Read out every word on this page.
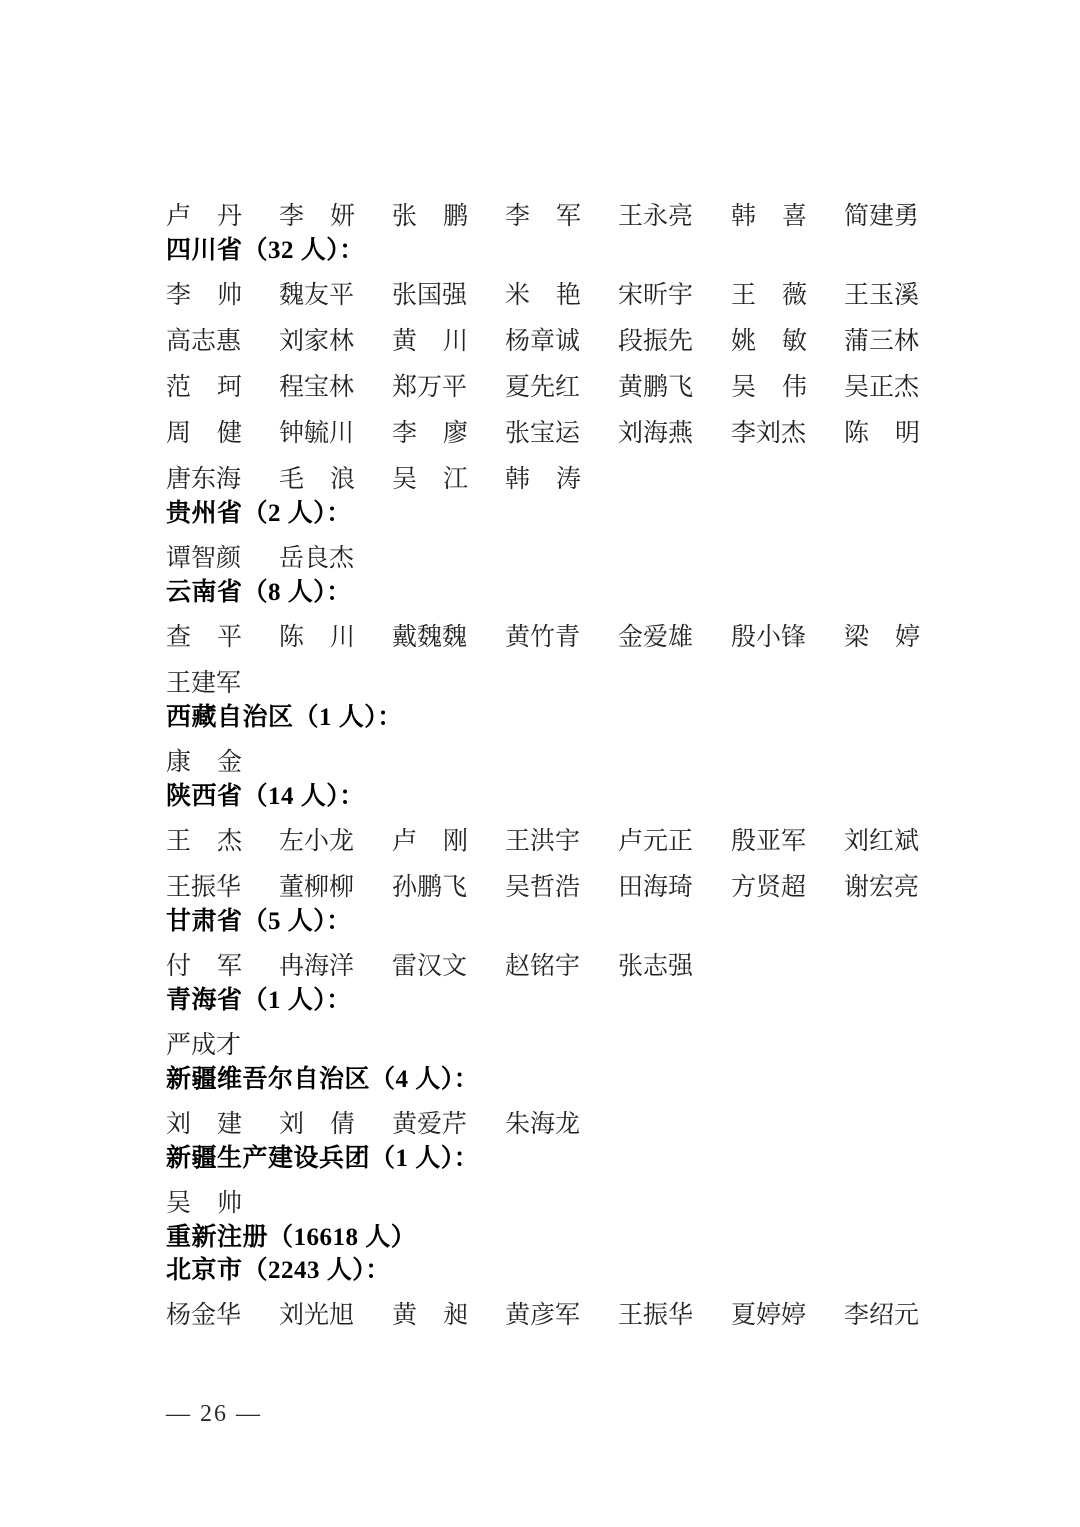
卢丹 李妍 张鹏 李军 王永亮 韩喜 简建勇
四川省（32 人）：
李帅 魏友平 张国强 米艳 宋昕宇 王薇 王玉溪
高志惠 刘家林 黄川 杨章诚 段振先 姚敏 蒲三林
范珂 程宝林 郑万平 夏先红 黄鹏飞 吴伟 吴正杰
周健 钟毓川 李廖 张宝运 刘海燕 李刘杰 陈明
唐东海 毛浪 吴江 韩涛
贵州省（2 人）：
谭智颜 岳良杰
云南省（8 人）：
查平 陈川 戴魏魏 黄竹青 金爱雄 殷小锋 梁婷
王建军
西藏自治区（1 人）：
康金
陕西省（14 人）：
王杰 左小龙 卢刚 王洪宇 卢元正 殷亚军 刘红斌
王振华 董柳柳 孙鹏飞 吴哲浩 田海琦 方贤超 谢宏亮
甘肃省（5 人）：
付军 冉海洋 雷汉文 赵铭宇 张志强
青海省（1 人）：
严成才
新疆维吾尔自治区（4 人）：
刘建 刘倩 黄爱芹 朱海龙
新疆生产建设兵团（1 人）：
吴帅
重新注册（16618 人）
北京市（2243 人）：
杨金华 刘光旭 黄昶 黄彦军 王振华 夏婷婷 李绍元
— 26 —
